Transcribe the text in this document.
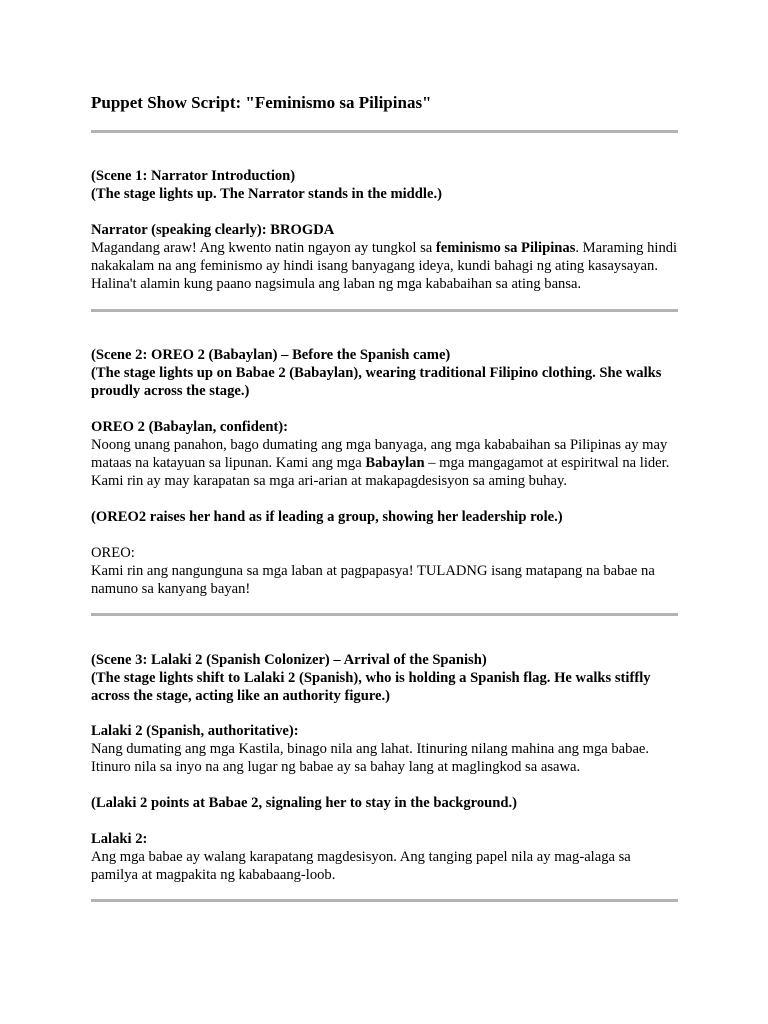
Puppet Show Script: "Feminismo sa Pilipinas"
(Scene 1: Narrator Introduction)
(The stage lights up. The Narrator stands in the middle.)
Narrator (speaking clearly): BROGDA
Magandang araw! Ang kwento natin ngayon ay tungkol sa feminismo sa Pilipinas. Maraming hindi nakakalam na ang feminismo ay hindi isang banyagang ideya, kundi bahagi ng ating kasaysayan. Halina't alamin kung paano nagsimula ang laban ng mga kababaihan sa ating bansa.
(Scene 2: OREO 2 (Babaylan) – Before the Spanish came)
(The stage lights up on Babae 2 (Babaylan), wearing traditional Filipino clothing. She walks proudly across the stage.)
OREO 2 (Babaylan, confident):
Noong unang panahon, bago dumating ang mga banyaga, ang mga kababaihan sa Pilipinas ay may mataas na katayuan sa lipunan. Kami ang mga Babaylan – mga mangagamot at espiritwal na lider. Kami rin ay may karapatan sa mga ari-arian at makapagdesisyon sa aming buhay.
(OREO2 raises her hand as if leading a group, showing her leadership role.)
OREO:
Kami rin ang nangunguna sa mga laban at pagpapasya! TULADNG isang matapang na babae na namuno sa kanyang bayan!
(Scene 3: Lalaki 2 (Spanish Colonizer) – Arrival of the Spanish)
(The stage lights shift to Lalaki 2 (Spanish), who is holding a Spanish flag. He walks stiffly across the stage, acting like an authority figure.)
Lalaki 2 (Spanish, authoritative):
Nang dumating ang mga Kastila, binago nila ang lahat. Itinuring nilang mahina ang mga babae. Itinuro nila sa inyo na ang lugar ng babae ay sa bahay lang at maglingkod sa asawa.
(Lalaki 2 points at Babae 2, signaling her to stay in the background.)
Lalaki 2:
Ang mga babae ay walang karapatang magdesisyon. Ang tanging papel nila ay mag-alaga sa pamilya at magpakita ng kababaang-loob.
